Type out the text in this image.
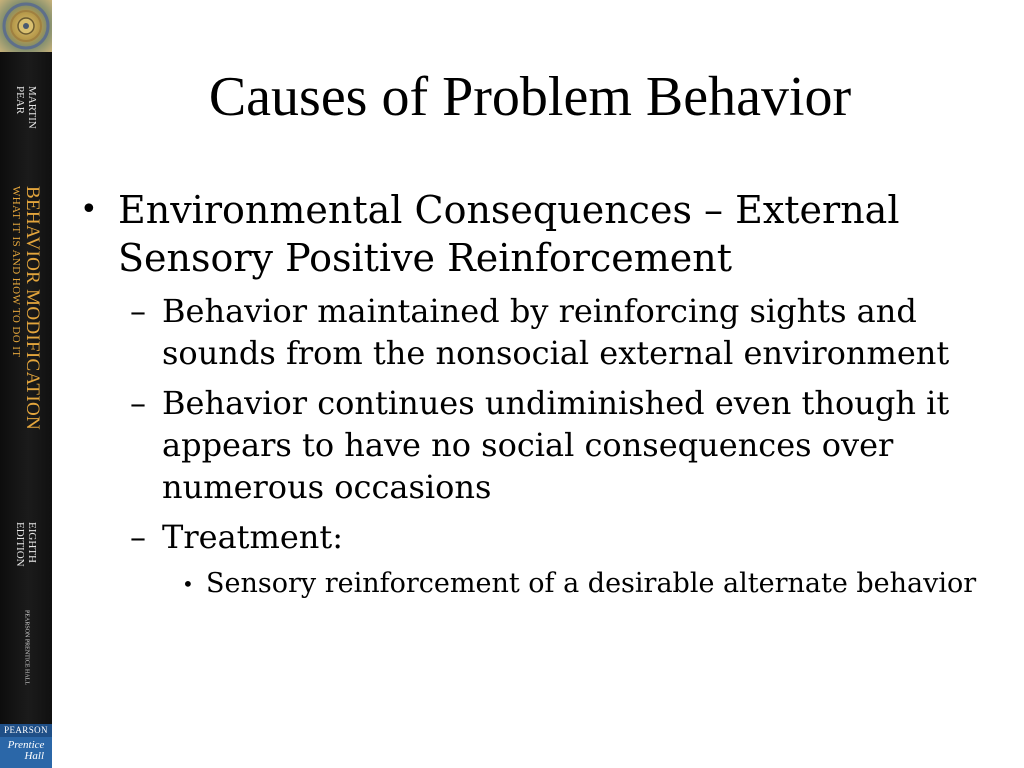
MARTIN
PEAR
BEHAVIOR MODIFICATION
WHAT IT IS AND HOW TO DO IT
EIGHTH
EDITION
PEARSON PRENTICE HALL
PEARSON
Prentice
Hall
Causes of Problem Behavior
• Environmental Consequences – External Sensory Positive Reinforcement
– Behavior maintained by reinforcing sights and sounds from the nonsocial external environment
– Behavior continues undiminished even though it appears to have no social consequences over numerous occasions
– Treatment:
• Sensory reinforcement of a desirable alternate behavior
